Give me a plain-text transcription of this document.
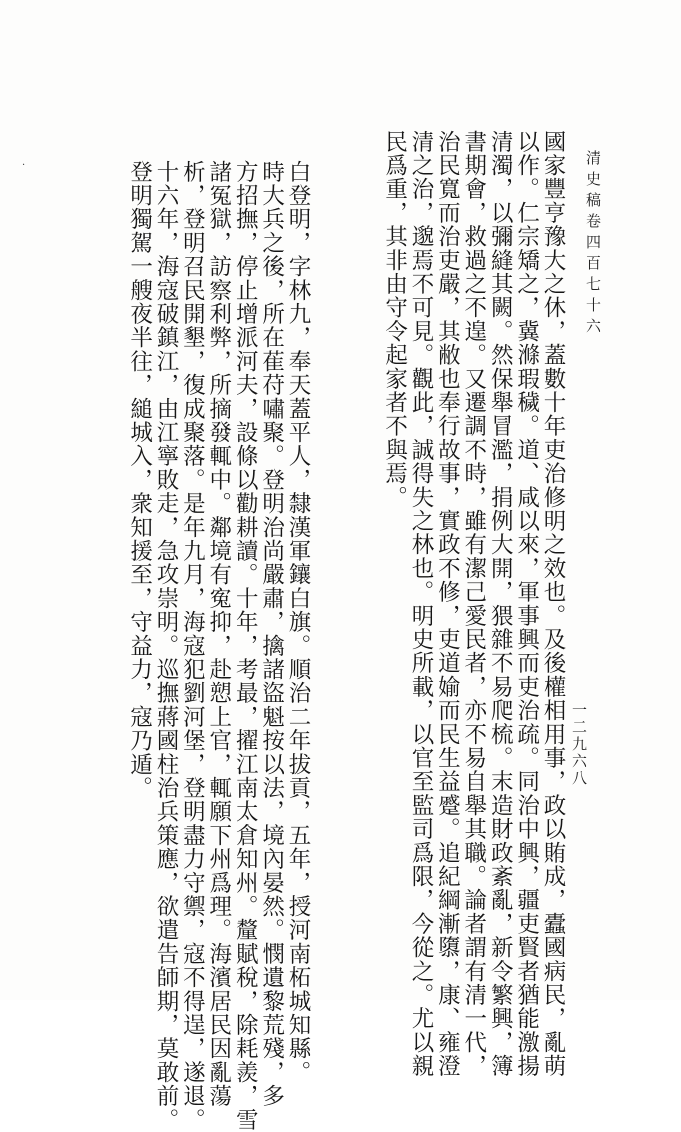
·	清史稿卷四百七十六
一二九六八
國家豐亨豫大之休，蓋數十年吏治修明之效也。及後權相用事，政以賄成，蠹國病民，亂萌
以作。仁宗矯之，冀滌瑕穢。道、咸以來，軍事興而吏治疏。同治中興，疆吏賢者猶能激揚
清濁，以彌縫其闕。然保舉冒濫，捐例大開，猥雜不易爬梳。末造財政紊亂，新令繁興，簿
書期會，救過之不遑。又遷調不時，雖有潔己愛民者，亦不易自舉其職。論者謂有清一代，
治民寬而治吏嚴，其敝也奉行故事，實政不修，吏道媮而民生益蹙。追紀綱漸隳，康、雍澄
清之治，邈焉不可見。觀此，誠得失之林也。明史所載，以官至監司爲限，今從之。尤以親
民爲重，其非由守令起家者不與焉。
白登明，字林九，奉天蓋平人，隸漢軍鑲白旗。順治二年拔貢，五年，授河南柘城知縣。
時大兵之後，所在萑苻嘯聚。登明治尚嚴肅，擒諸盜魁按以法，境內晏然。憫遺黎荒殘，多
方招撫，停止增派河夫，設條以勸耕讀。十年，考最，擢江南太倉知州。釐賦稅，除耗羨，雪
諸冤獄，訪察利弊，所摘發輒中。鄰境有寃抑，赴愬上官，輒願下州爲理。海濱居民因亂蕩
析，登明召民開墾，復成聚落。是年九月，海寇犯劉河堡，登明盡力守禦，寇不得逞，遂退。
十六年，海寇破鎮江，由江寧敗走，急攻崇明。巡撫蔣國柱治兵策應，欲遣告師期，莫敢前。
登明獨駕一艘夜半往，縋城入，衆知援至，守益力，寇乃遁。
